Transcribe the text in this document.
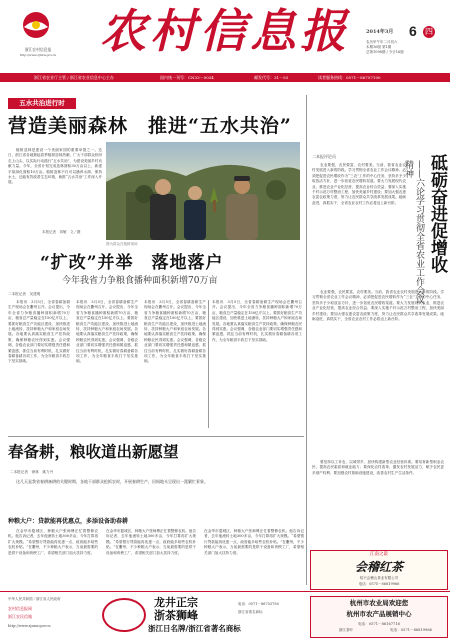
浙江农村信息报
http://www.zjnxw.gov.cn 农村信息报	2014年3月 6 四
农历甲午年二月初六
本期16版 第1期
总第1098期 / 今日16版
浙江省农业厅主管 / 浙江省农业信息中心主办	国内统一刊号：CN33－0034	邮发代号：31－53	读者服务热线：0571－86757100
五水共治进行时
营造美丽森林　推进“五水共治”
植树造林是建设一个美丽家园的重要举措之一。近日，浙江省各地掀起春季植树造林热潮，广大干部群众纷纷走上山头，以实际行动践行“五水共治”，为建设美丽乡村贡献力量。今年，全省计划完成造林面积30万亩以上，新建平原绿化面积10万亩。植树造林不仅可以涵养水源、保持水土，还能有效改善生态环境，助推“五水共治”工作深入开展。
本报记者　刘敏　文／摄
图为群众在植树现场
“扩改”并举　落地落户
今年我省力争粮食播种面积新增70万亩
二本报记者　吴建明
本报讯　3月5日，全省春耕备耕生产现场会在衢州召开。会议提出，今年全省力争粮食播种面积新增70万亩，粮食总产量稳定在150亿斤以上。要抓好粮食生产功能区建设，加快推进土地流转，扶持种粮大户和家庭农场发展。各地要认真落实粮食生产扶持政策，确保种粮农民得到实惠。会议强调，各级农业部门要切实增强责任感和紧迫感，抓住当前有利时机，扎实做好春耕备耕各项工作，为全年粮食丰收打下坚实基础。
本报讯　3月5日，全省春耕备耕生产现场会在衢州召开。会议提出，今年全省力争粮食播种面积新增70万亩，粮食总产量稳定在150亿斤以上。要抓好粮食生产功能区建设，加快推进土地流转，扶持种粮大户和家庭农场发展。各地要认真落实粮食生产扶持政策，确保种粮农民得到实惠。会议强调，各级农业部门要切实增强责任感和紧迫感，抓住当前有利时机，扎实做好春耕备耕各项工作，为全年粮食丰收打下坚实基础。
本报讯　3月5日，全省春耕备耕生产现场会在衢州召开。会议提出，今年全省力争粮食播种面积新增70万亩，粮食总产量稳定在150亿斤以上。要抓好粮食生产功能区建设，加快推进土地流转，扶持种粮大户和家庭农场发展。各地要认真落实粮食生产扶持政策，确保种粮农民得到实惠。会议强调，各级农业部门要切实增强责任感和紧迫感，抓住当前有利时机，扎实做好春耕备耕各项工作，为全年粮食丰收打下坚实基础。
本报讯　3月5日，全省春耕备耕生产现场会在衢州召开。会议提出，今年全省力争粮食播种面积新增70万亩，粮食总产量稳定在150亿斤以上。要抓好粮食生产功能区建设，加快推进土地流转，扶持种粮大户和家庭农场发展。各地要认真落实粮食生产扶持政策，确保种粮农民得到实惠。会议强调，各级农业部门要切实增强责任感和紧迫感，抓住当前有利时机，扎实做好春耕备耕各项工作，为全年粮食丰收打下坚实基础。
春备耕，粮收道出新愿望
二本报记者　徐林　姚力丹
这几天是我省春耕备耕的关键时期，各地干部群众抢抓农时，开展春耕生产，田间地头呈现出一派繁忙景象。
种粮大户：贷款能再优惠点，多添设备助春耕
在金华市婺城区，种粮大户张师傅正忙着整修农机。他告诉记者，去年他流转土地300多亩，今年打算再扩大规模。“希望银行贷款能再优惠一点，政府能多给些农机补贴。”在衢州，不少种粮大户表示，当前最需要的是烘干设备和育秧工厂，希望相关部门加大扶持力度。
在金华市婺城区，种粮大户张师傅正忙着整修农机。他告诉记者，去年他流转土地300多亩，今年打算再扩大规模。“希望银行贷款能再优惠一点，政府能多给些农机补贴。”在衢州，不少种粮大户表示，当前最需要的是烘干设备和育秧工厂，希望相关部门加大扶持力度。
在金华市婺城区，种粮大户张师傅正忙着整修农机。他告诉记者，去年他流转土地300多亩，今年打算再扩大规模。“希望银行贷款能再优惠一点，政府能多给些农机补贴。”在衢州，不少种粮大户表示，当前最需要的是烘干设备和育秧工厂，希望相关部门加大扶持力度。
二本报评论员	砥砺奋进促增收
——六论学习贯彻全省农业工作会议精神
农业要强，农民要富，农村要美。当前，我省农业农村发展进入新的阶段。学习贯彻全省农业工作会议精神，必须把促进农民增收作为“三农”工作的中心任务，坚持多予少取放活方针，进一步拓宽农民增收渠道。要大力发展现代农业，推进农业产业化经营，提高农业综合效益；要深入实施千村示范万村整治工程，加快美丽乡村建设；要加大强农惠农富农政策力度，努力让农民群众共享改革发展成果。砥砺奋进，真抓实干，全省农业农村工作必将迈上新台阶。
农业要强，农民要富，农村要美。当前，我省农业农村发展进入新的阶段。学习贯彻全省农业工作会议精神，必须把促进农民增收作为“三农”工作的中心任务，坚持多予少取放活方针，进一步拓宽农民增收渠道。要大力发展现代农业，推进农业产业化经营，提高农业综合效益；要深入实施千村示范万村整治工程，加快美丽乡村建设；要加大强农惠农富农政策力度，努力让农民群众共享改革发展成果。砥砺奋进，真抓实干，全省农业农村工作必将迈上新台阶。
要坚持以工补农、以城带乡，加快构建新型农业经营体系。要培育新型职业农民，提高农民素质和就业能力；要深化农村改革，激发农村发展活力，赋予农民更多财产权利；要加强农村基础设施建设，改善农村生产生活条件。
中华人民共和国／浙江省人民政府
农村信息报网
浙江农民信箱
http://www.zjnxw.gov.cn
龙井正宗
浙茶狮峰
电话：0571－86753756
浙江省著名商标
浙江日名牌/浙江省著名商标
江南之最
会稽红茶
绍兴会稽山茶业有限公司
电话：0575－86819966
杭州市农业局欢迎您
杭州市农产品展销中心
电话：0571－86167716
浙江茶叶	电话：0571－86819966
